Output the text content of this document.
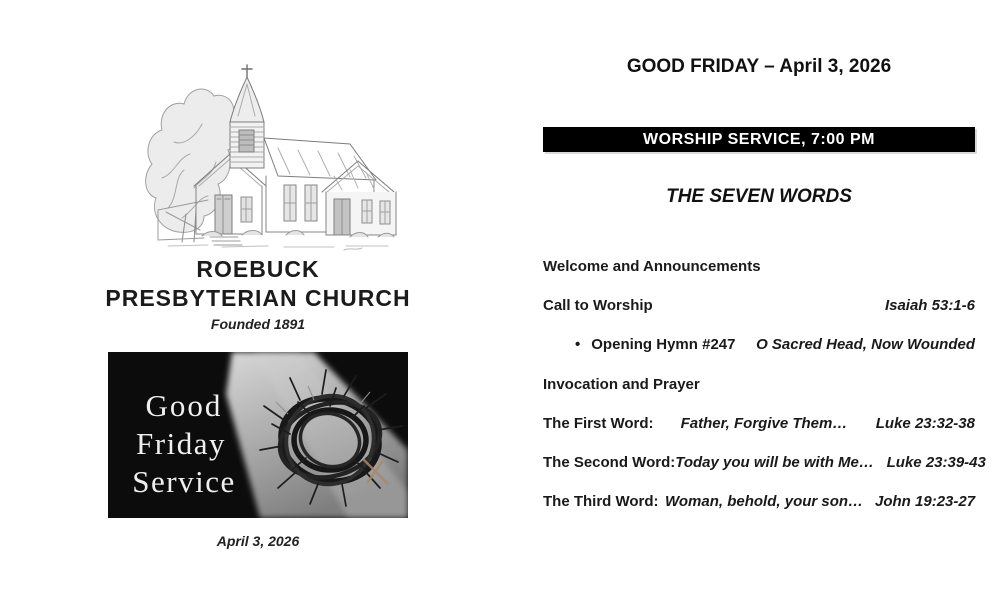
ROEBUCK
PRESBYTERIAN CHURCH
Founded 1891
Good
Friday
Service
April 3, 2026
GOOD FRIDAY – April 3, 2026
WORSHIP SERVICE, 7:00 PM
THE SEVEN WORDS
Welcome and Announcements
Call to Worship	Isaiah 53:1-6
• Opening Hymn #247 O Sacred Head, Now Wounded
Invocation and Prayer
The First Word:	Father, Forgive Them…	Luke 23:32-38
The Second Word: Today you will be with Me… Luke 23:39-43
The Third Word: Woman, behold, your son… John 19:23-27
